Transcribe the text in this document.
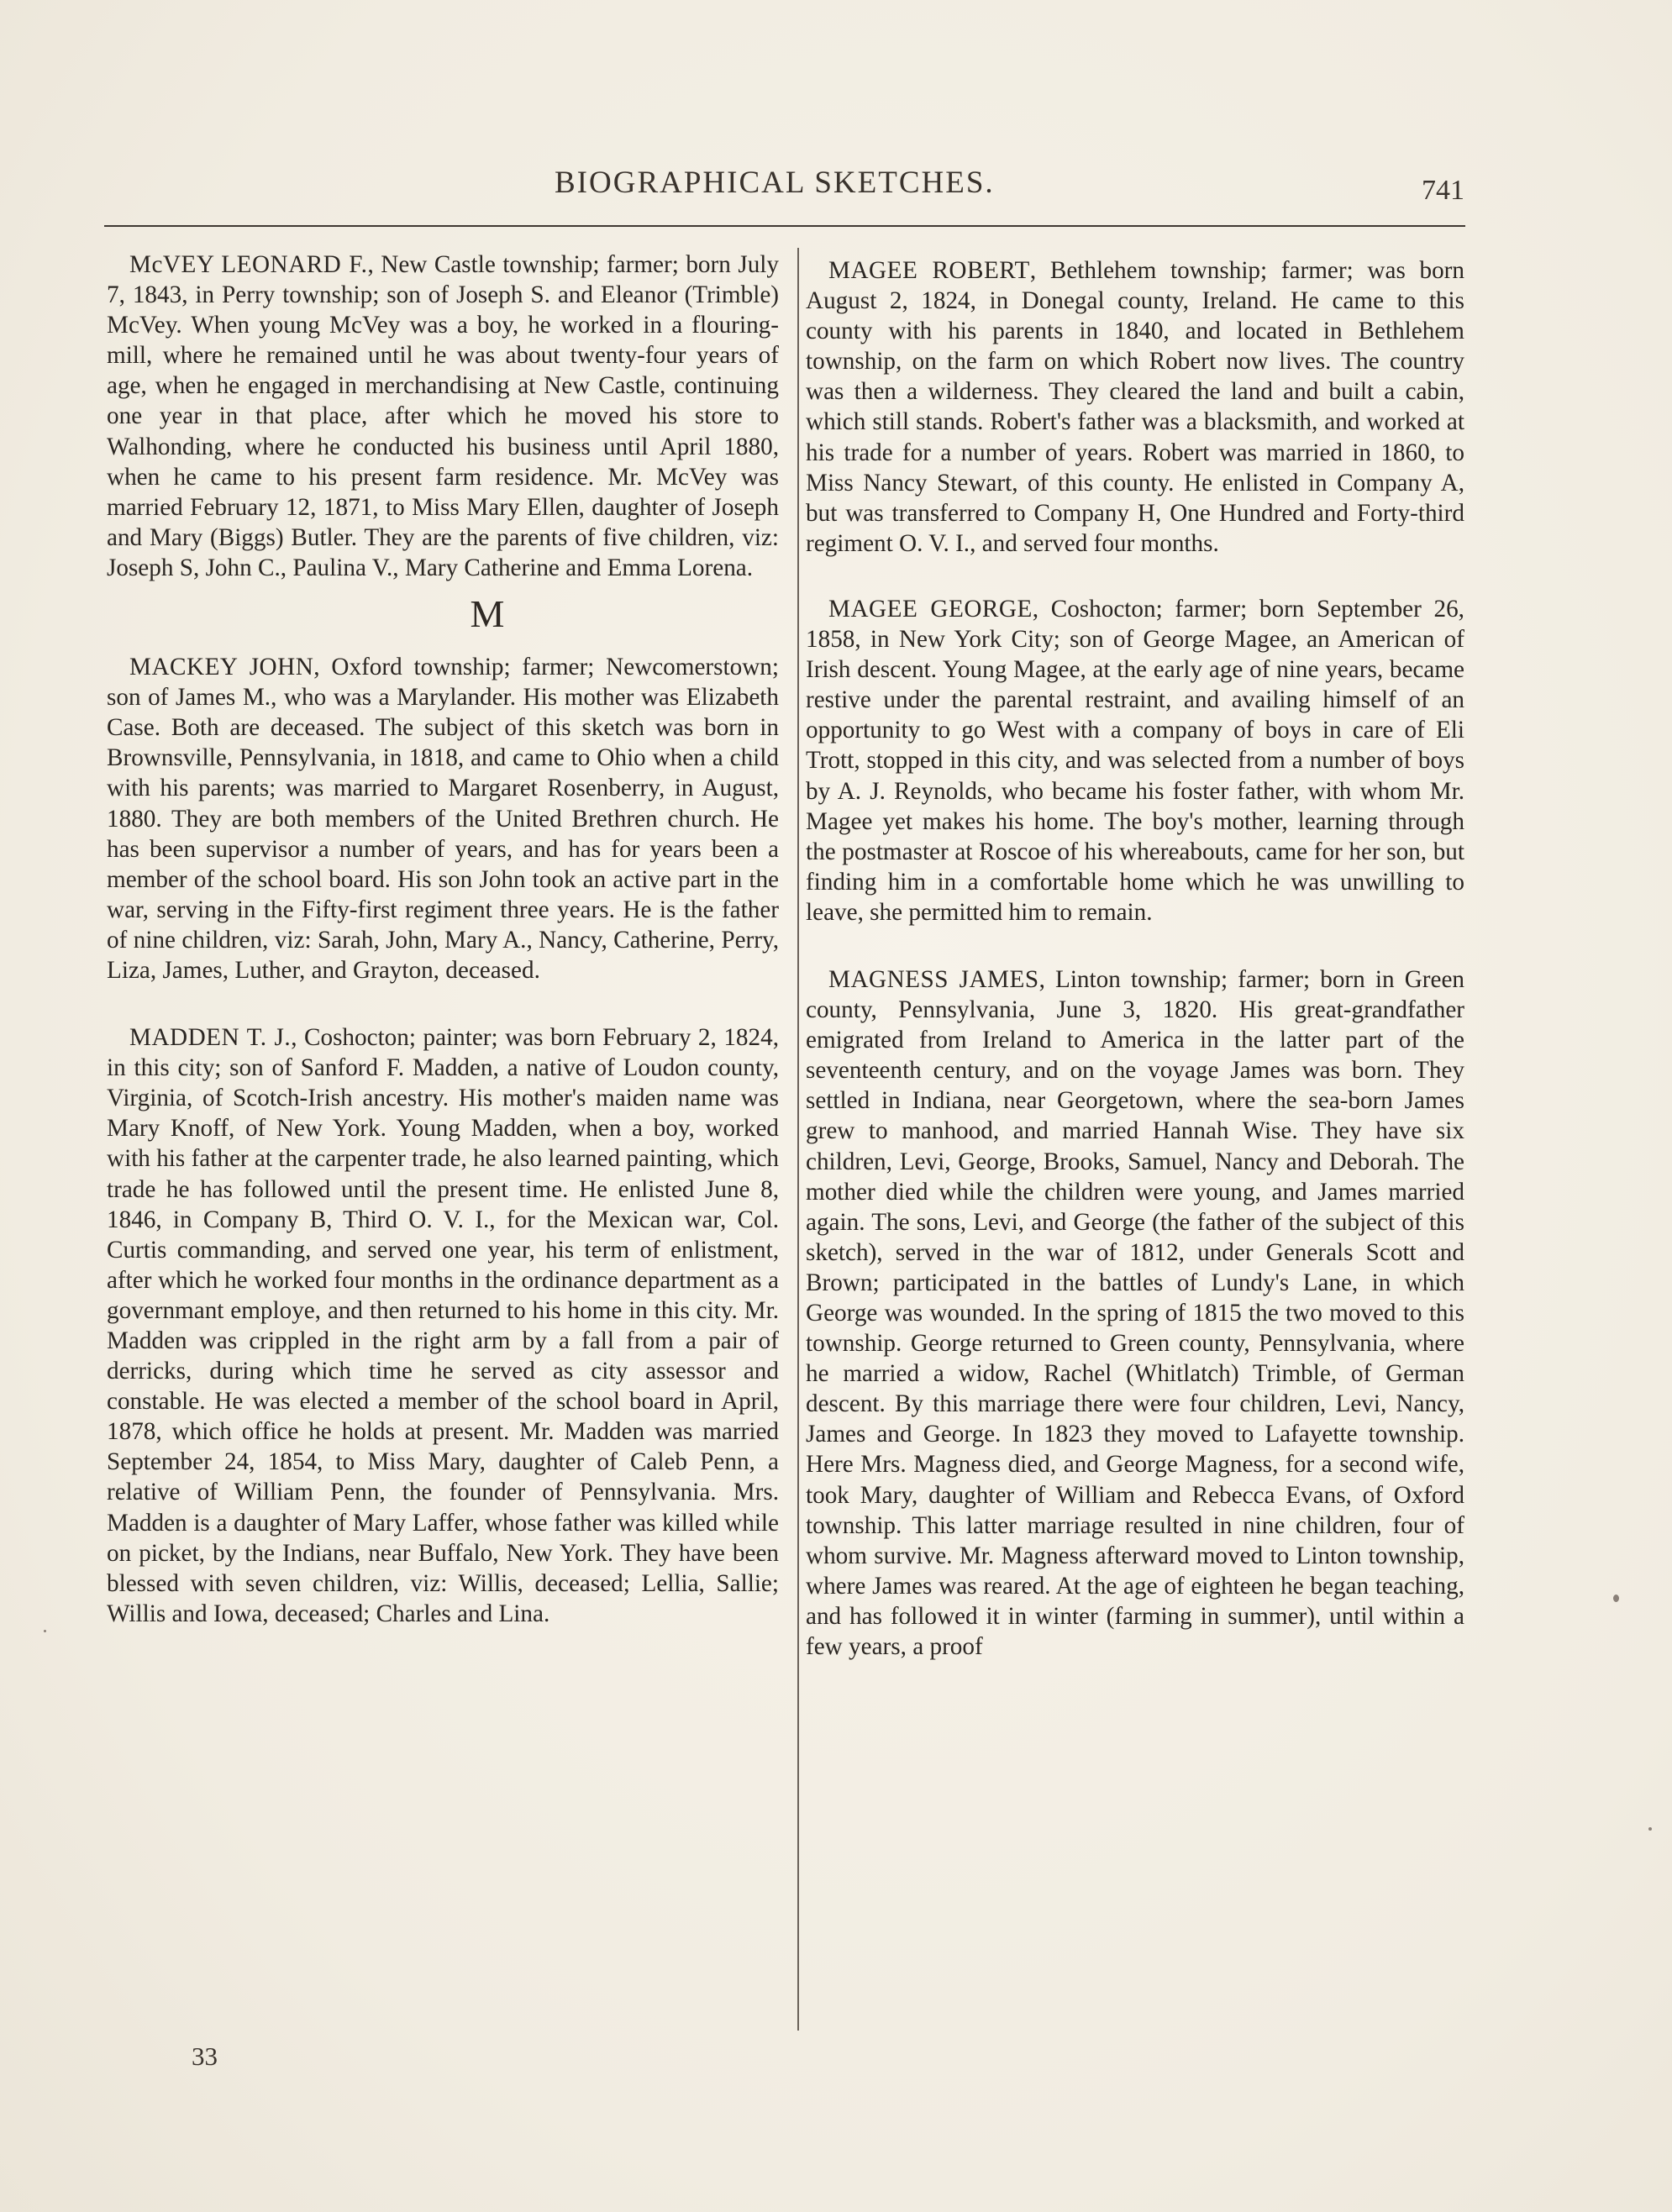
BIOGRAPHICAL SKETCHES.	741

McVEY LEONARD F., New Castle township; farmer; born July 7, 1843, in Perry township; son of Joseph S. and Eleanor (Trimble) McVey. When young McVey was a boy, he worked in a flouring-mill, where he remained until he was about twenty-four years of age, when he engaged in merchandising at New Castle, continuing one year in that place, after which he moved his store to Walhonding, where he conducted his business until April 1880, when he came to his present farm residence. Mr. McVey was married February 12, 1871, to Miss Mary Ellen, daughter of Joseph and Mary (Biggs) Butler. They are the parents of five children, viz: Joseph S, John C., Paulina V., Mary Catherine and Emma Lorena.

M

MACKEY JOHN, Oxford township; farmer; Newcomerstown; son of James M., who was a Marylander. His mother was Elizabeth Case. Both are deceased. The subject of this sketch was born in Brownsville, Pennsylvania, in 1818, and came to Ohio when a child with his parents; was married to Margaret Rosenberry, in August, 1880. They are both members of the United Brethren church. He has been supervisor a number of years, and has for years been a member of the school board. His son John took an active part in the war, serving in the Fifty-first regiment three years. He is the father of nine children, viz: Sarah, John, Mary A., Nancy, Catherine, Perry, Liza, James, Luther, and Grayton, deceased.

MADDEN T. J., Coshocton; painter; was born February 2, 1824, in this city; son of Sanford F. Madden, a native of Loudon county, Virginia, of Scotch-Irish ancestry. His mother's maiden name was Mary Knoff, of New York. Young Madden, when a boy, worked with his father at the carpenter trade, he also learned painting, which trade he has followed until the present time. He enlisted June 8, 1846, in Company B, Third O. V. I., for the Mexican war, Col. Curtis commanding, and served one year, his term of enlistment, after which he worked four months in the ordinance department as a governmant employe, and then returned to his home in this city. Mr. Madden was crippled in the right arm by a fall from a pair of derricks, during which time he served as city assessor and constable. He was elected a member of the school board in April, 1878, which office he holds at present. Mr. Madden was married September 24, 1854, to Miss Mary, daughter of Caleb Penn, a relative of William Penn, the founder of Pennsylvania. Mrs. Madden is a daughter of Mary Laffer, whose father was killed while on picket, by the Indians, near Buffalo, New York. They have been blessed with seven children, viz: Willis, deceased; Lellia, Sallie; Willis and Iowa, deceased; Charles and Lina.

MAGEE ROBERT, Bethlehem township; farmer; was born August 2, 1824, in Donegal county, Ireland. He came to this county with his parents in 1840, and located in Bethlehem township, on the farm on which Robert now lives. The country was then a wilderness. They cleared the land and built a cabin, which still stands. Robert's father was a blacksmith, and worked at his trade for a number of years. Robert was married in 1860, to Miss Nancy Stewart, of this county. He enlisted in Company A, but was transferred to Company H, One Hundred and Forty-third regiment O. V. I., and served four months.

MAGEE GEORGE, Coshocton; farmer; born September 26, 1858, in New York City; son of George Magee, an American of Irish descent. Young Magee, at the early age of nine years, became restive under the parental restraint, and availing himself of an opportunity to go West with a company of boys in care of Eli Trott, stopped in this city, and was selected from a number of boys by A. J. Reynolds, who became his foster father, with whom Mr. Magee yet makes his home. The boy's mother, learning through the postmaster at Roscoe of his whereabouts, came for her son, but finding him in a comfortable home which he was unwilling to leave, she permitted him to remain.

MAGNESS JAMES, Linton township; farmer; born in Green county, Pennsylvania, June 3, 1820. His great-grandfather emigrated from Ireland to America in the latter part of the seventeenth century, and on the voyage James was born. They settled in Indiana, near Georgetown, where the sea-born James grew to manhood, and married Hannah Wise. They have six children, Levi, George, Brooks, Samuel, Nancy and Deborah. The mother died while the children were young, and James married again. The sons, Levi, and George (the father of the subject of this sketch), served in the war of 1812, under Generals Scott and Brown; participated in the battles of Lundy's Lane, in which George was wounded. In the spring of 1815 the two moved to this township. George returned to Green county, Pennsylvania, where he married a widow, Rachel (Whitlatch) Trimble, of German descent. By this marriage there were four children, Levi, Nancy, James and George. In 1823 they moved to Lafayette township. Here Mrs. Magness died, and George Magness, for a second wife, took Mary, daughter of William and Rebecca Evans, of Oxford township. This latter marriage resulted in nine children, four of whom survive. Mr. Magness afterward moved to Linton township, where James was reared. At the age of eighteen he began teaching, and has followed it in winter (farming in summer), until within a few years, a proof

33
